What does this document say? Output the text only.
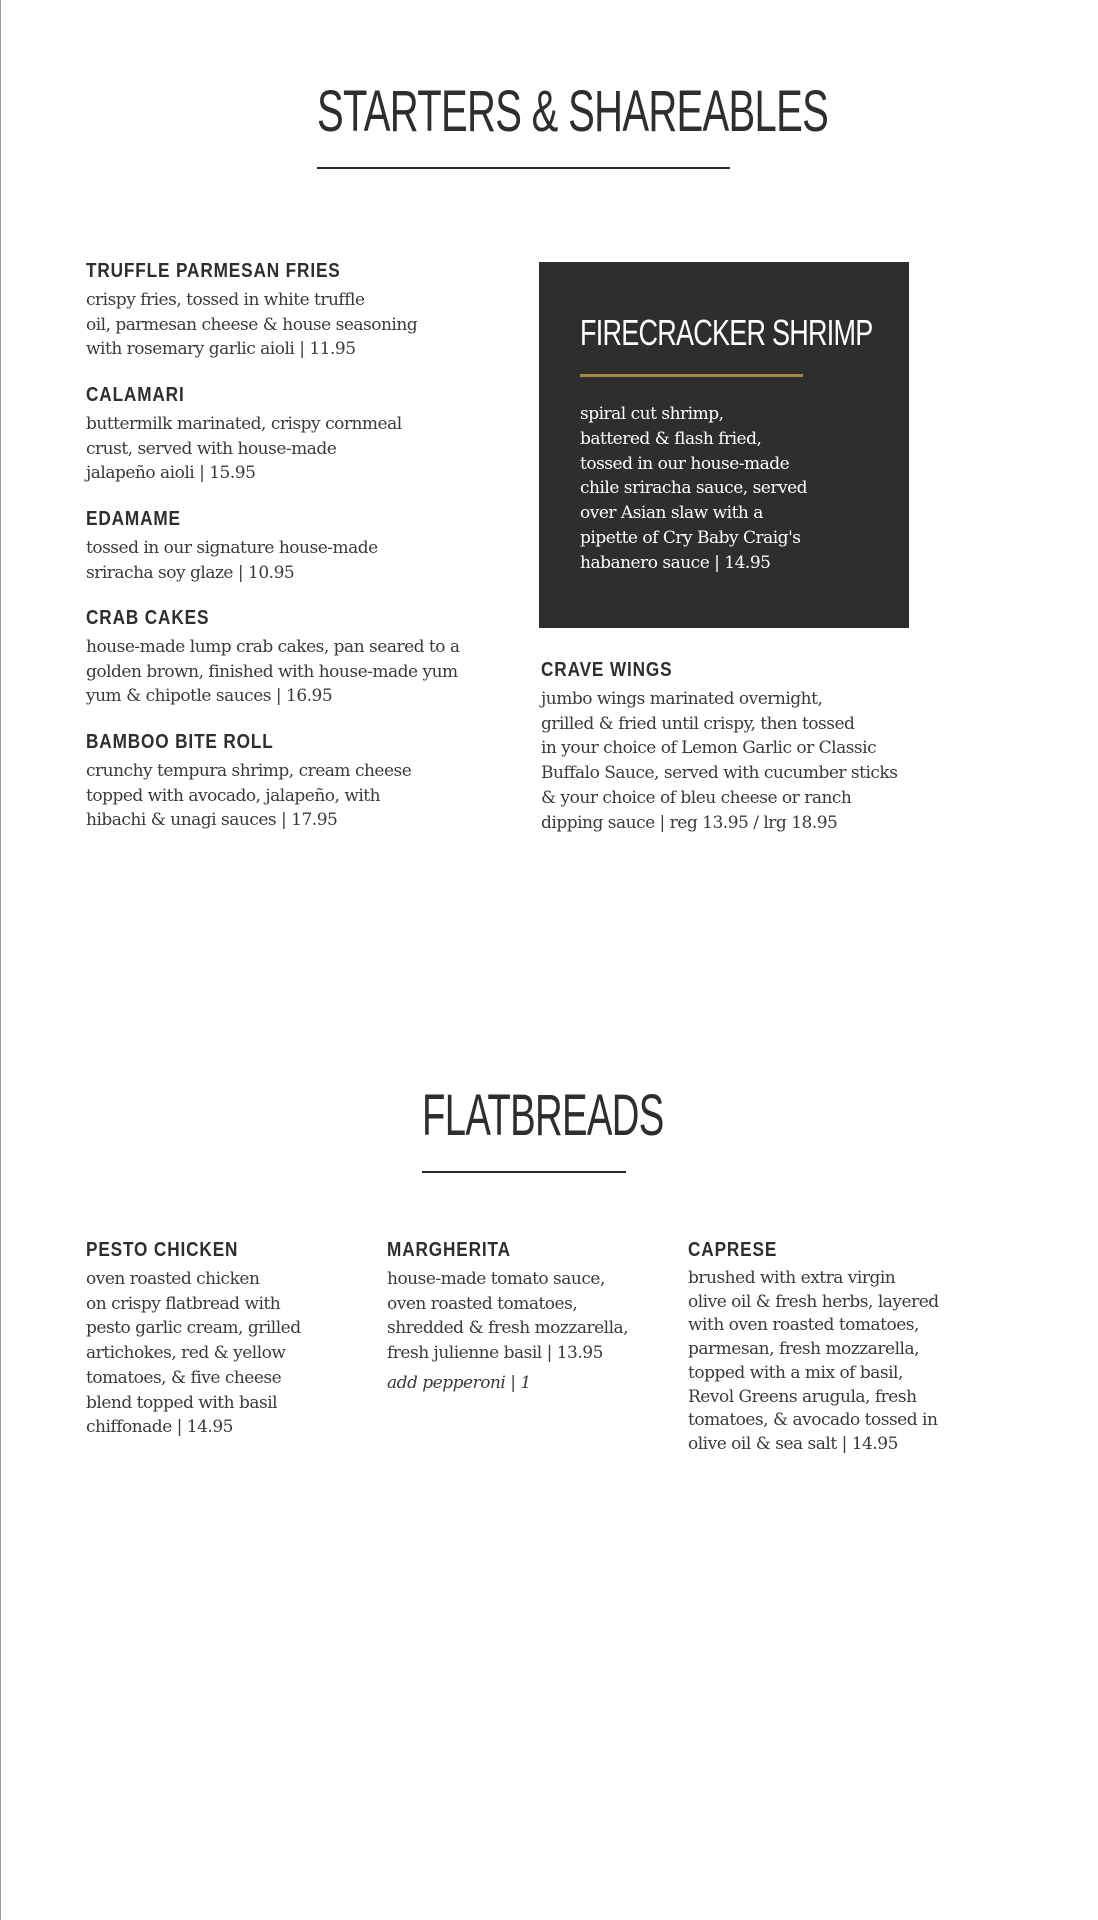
STARTERS & SHAREABLES
TRUFFLE PARMESAN FRIES

crispy fries, tossed in white truffle
oil, parmesan cheese & house seasoning
with rosemary garlic aioli | 11.95

CALAMARI

buttermilk marinated, crispy cornmeal
crust, served with house-made
jalapeño aioli | 15.95

EDAMAME

tossed in our signature house-made
sriracha soy glaze | 10.95

CRAB CAKES

house-made lump crab cakes, pan seared to a
golden brown, finished with house-made yum
yum & chipotle sauces | 16.95

BAMBOO BITE ROLL

crunchy tempura shrimp, cream cheese
topped with avocado, jalapeño, with
hibachi & unagi sauces | 17.95

FIRECRACKER SHRIMP

spiral cut shrimp,
battered & flash fried,
tossed in our house-made
chile sriracha sauce, served
over Asian slaw with a
pipette of Cry Baby Craig's
habanero sauce | 14.95

CRAVE WINGS

jumbo wings marinated overnight,
grilled & fried until crispy, then tossed
in your choice of Lemon Garlic or Classic
Buffalo Sauce, served with cucumber sticks
& your choice of bleu cheese or ranch
dipping sauce | reg 13.95 / lrg 18.95

FLATBREADS
PESTO CHICKEN

oven roasted chicken
on crispy flatbread with
pesto garlic cream, grilled
artichokes, red & yellow
tomatoes, & five cheese
blend topped with basil
chiffonade | 14.95

MARGHERITA

house-made tomato sauce,
oven roasted tomatoes,
shredded & fresh mozzarella,
fresh julienne basil | 13.95

add pepperoni | 1

CAPRESE

brushed with extra virgin
olive oil & fresh herbs, layered
with oven roasted tomatoes,
parmesan, fresh mozzarella,
topped with a mix of basil,
Revol Greens arugula, fresh
tomatoes, & avocado tossed in
olive oil & sea salt | 14.95
